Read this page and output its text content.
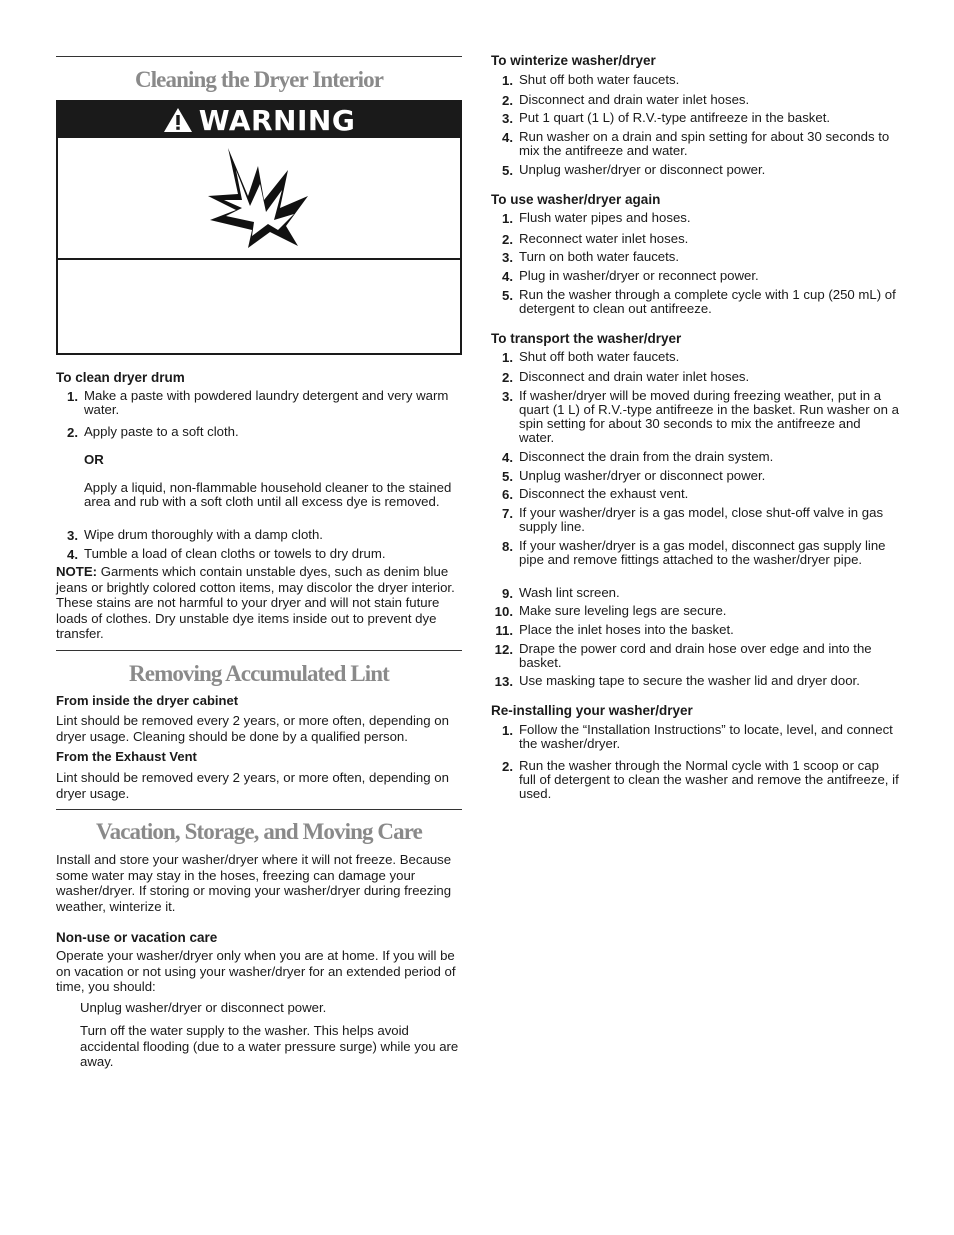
Cleaning the Dryer Interior
WARNING
To clean dryer drum
1. Make a paste with powdered laundry detergent and very warm water.
2. Apply paste to a soft cloth.
OR
Apply a liquid, non-flammable household cleaner to the stained area and rub with a soft cloth until all excess dye is removed.
3. Wipe drum thoroughly with a damp cloth.
4. Tumble a load of clean cloths or towels to dry drum.
NOTE: Garments which contain unstable dyes, such as denim blue jeans or brightly colored cotton items, may discolor the dryer interior. These stains are not harmful to your dryer and will not stain future loads of clothes. Dry unstable dye items inside out to prevent dye transfer.
Removing Accumulated Lint
From inside the dryer cabinet
Lint should be removed every 2 years, or more often, depending on dryer usage. Cleaning should be done by a qualified person.
From the Exhaust Vent
Lint should be removed every 2 years, or more often, depending on dryer usage.
Vacation, Storage, and Moving Care
Install and store your washer/dryer where it will not freeze. Because some water may stay in the hoses, freezing can damage your washer/dryer. If storing or moving your washer/dryer during freezing weather, winterize it.
Non-use or vacation care
Operate your washer/dryer only when you are at home. If you will be on vacation or not using your washer/dryer for an extended period of time, you should:
Unplug washer/dryer or disconnect power.
Turn off the water supply to the washer. This helps avoid accidental flooding (due to a water pressure surge) while you are away.
To winterize washer/dryer
1. Shut off both water faucets.
2. Disconnect and drain water inlet hoses.
3. Put 1 quart (1 L) of R.V.-type antifreeze in the basket.
4. Run washer on a drain and spin setting for about 30 seconds to mix the antifreeze and water.
5. Unplug washer/dryer or disconnect power.
To use washer/dryer again
1. Flush water pipes and hoses.
2. Reconnect water inlet hoses.
3. Turn on both water faucets.
4. Plug in washer/dryer or reconnect power.
5. Run the washer through a complete cycle with 1 cup (250 mL) of detergent to clean out antifreeze.
To transport the washer/dryer
1. Shut off both water faucets.
2. Disconnect and drain water inlet hoses.
3. If washer/dryer will be moved during freezing weather, put in a quart (1 L) of R.V.-type antifreeze in the basket. Run washer on a spin setting for about 30 seconds to mix the antifreeze and water.
4. Disconnect the drain from the drain system.
5. Unplug washer/dryer or disconnect power.
6. Disconnect the exhaust vent.
7. If your washer/dryer is a gas model, close shut-off valve in gas supply line.
8. If your washer/dryer is a gas model, disconnect gas supply line pipe and remove fittings attached to the washer/dryer pipe.
9. Wash lint screen.
10. Make sure leveling legs are secure.
11. Place the inlet hoses into the basket.
12. Drape the power cord and drain hose over edge and into the basket.
13. Use masking tape to secure the washer lid and dryer door.
Re-installing your washer/dryer
1. Follow the “Installation Instructions” to locate, level, and connect the washer/dryer.
2. Run the washer through the Normal cycle with 1 scoop or cap full of detergent to clean the washer and remove the antifreeze, if used.
